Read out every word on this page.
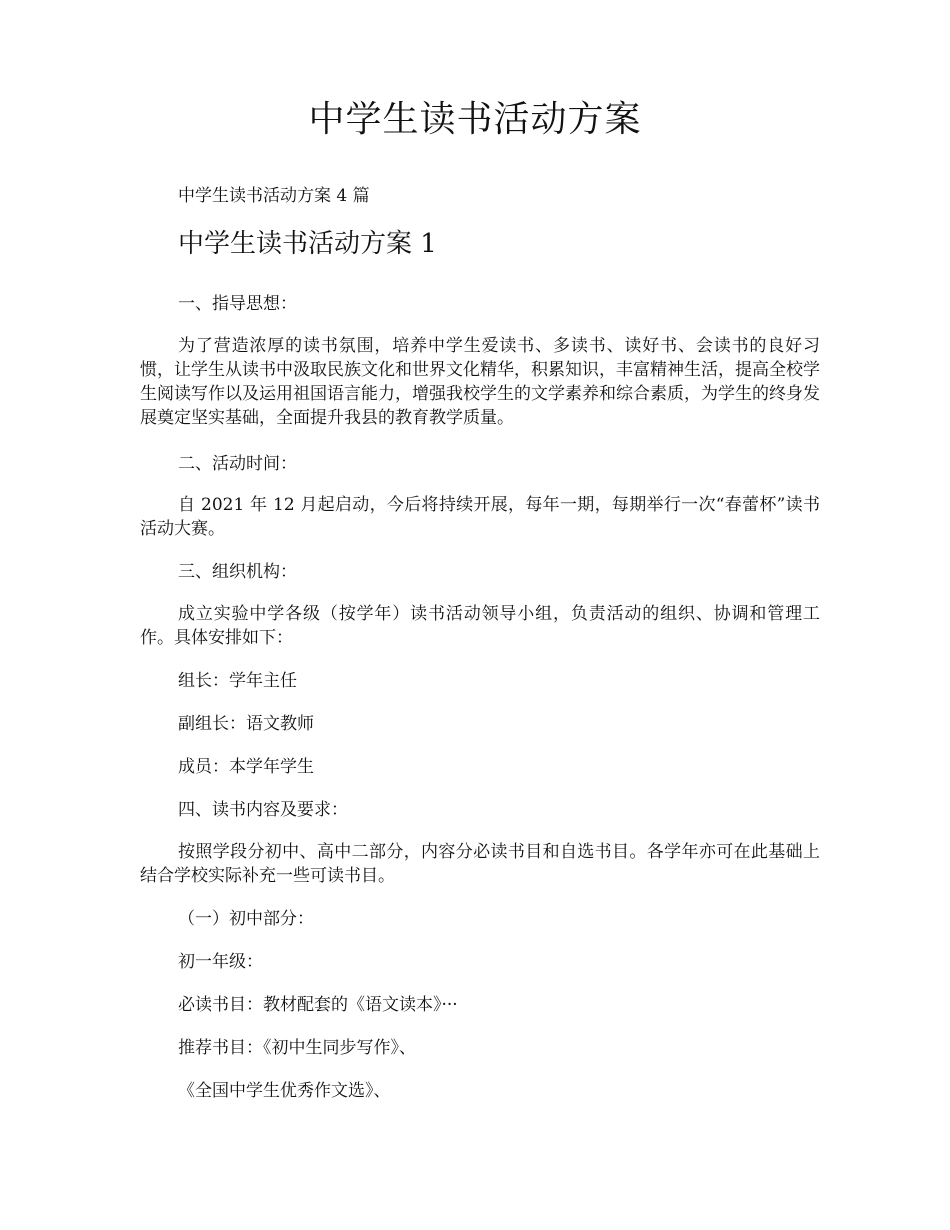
中学生读书活动方案
中学生读书活动方案 4 篇
中学生读书活动方案 1
一、指导思想：

为了营造浓厚的读书氛围，培养中学生爱读书、多读书、读好书、会读书的良好习惯，让学生从读书中汲取民族文化和世界文化精华，积累知识，丰富精神生活，提高全校学生阅读写作以及运用祖国语言能力，增强我校学生的文学素养和综合素质，为学生的终身发展奠定坚实基础，全面提升我县的教育教学质量。

二、活动时间：

自 2021 年 12 月起启动，今后将持续开展，每年一期，每期举行一次“春蕾杯”读书活动大赛。

三、组织机构：

成立实验中学各级（按学年）读书活动领导小组，负责活动的组织、协调和管理工作。具体安排如下：

组长：学年主任
副组长：语文教师
成员：本学年学生
四、读书内容及要求：

按照学段分初中、高中二部分，内容分必读书目和自选书目。各学年亦可在此基础上结合学校实际补充一些可读书目。

（一）初中部分：
初一年级：
必读书目：教材配套的《语文读本》···
推荐书目：《初中生同步写作》、
《全国中学生优秀作文选》、
